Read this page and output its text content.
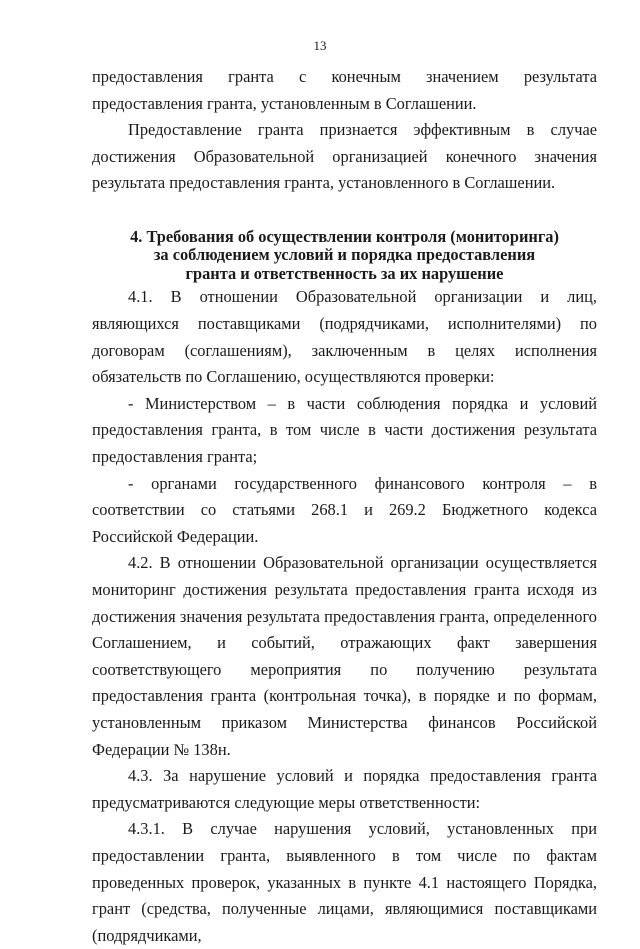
13

предоставления гранта с конечным значением результата предоставления гранта, установленным в Соглашении.

Предоставление гранта признается эффективным в случае достижения Образовательной организацией конечного значения результата предоставления гранта, установленного в Соглашении.

4. Требования об осуществлении контроля (мониторинга)
за соблюдением условий и порядка предоставления
гранта и ответственность за их нарушение

4.1. В отношении Образовательной организации и лиц, являющихся поставщиками (подрядчиками, исполнителями) по договорам (соглашениям), заключенным в целях исполнения обязательств по Соглашению, осуществляются проверки:

- Министерством – в части соблюдения порядка и условий предоставления гранта, в том числе в части достижения результата предоставления гранта;

- органами государственного финансового контроля – в соответствии со статьями 268.1 и 269.2 Бюджетного кодекса Российской Федерации.

4.2. В отношении Образовательной организации осуществляется мониторинг достижения результата предоставления гранта исходя из достижения значения результата предоставления гранта, определенного Соглашением, и событий, отражающих факт завершения соответствующего мероприятия по получению результата предоставления гранта (контрольная точка), в порядке и по формам, установленным приказом Министерства финансов Российской Федерации № 138н.

4.3. За нарушение условий и порядка предоставления гранта предусматриваются следующие меры ответственности:

4.3.1. В случае нарушения условий, установленных при предоставлении гранта, выявленного в том числе по фактам проведенных проверок, указанных в пункте 4.1 настоящего Порядка, грант (средства, полученные лицами, являющимися поставщиками (подрядчиками,
